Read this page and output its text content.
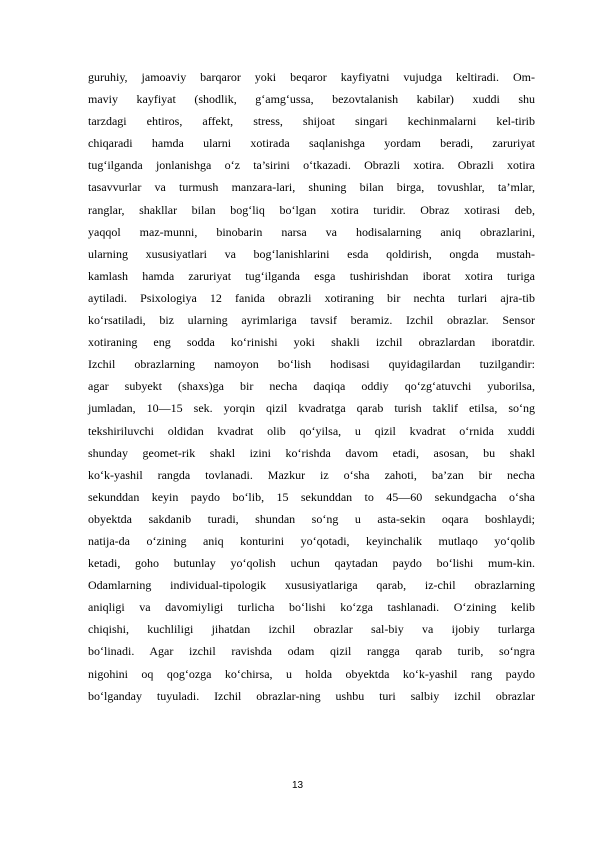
guruhiy, jamoaviy barqaror yoki beqaror kayfiyatni vujudga keltiradi. Om-
maviy kayfiyat (shodlik, g‘amg‘ussa, bezovtalanish kabilar) xuddi shu
tarzdagi ehtiros, affekt, stress, shijoat singari kechinmalarni kel-tirib
chiqaradi hamda ularni xotirada saqlanishga yordam beradi, zaruriyat
tug‘ilganda jonlanishga o‘z ta’sirini o‘tkazadi. Obrazli xotira. Obrazli xotira
tasavvurlar va turmush manzara-lari, shuning bilan birga, tovushlar, ta’mlar,
ranglar, shakllar bilan bog‘liq bo‘lgan xotira turidir. Obraz xotirasi deb,
yaqqol maz-munni, binobarin narsa va hodisalarning aniq obrazlarini,
ularning xususiyatlari va bog‘lanishlarini esda qoldirish, ongda mustah-
kamlash hamda zaruriyat tug‘ilganda esga tushirishdan iborat xotira turiga
aytiladi. Psixologiya 12 fanida obrazli xotiraning bir nechta turlari ajra-tib
ko‘rsatiladi, biz ularning ayrimlariga tavsif beramiz. Izchil obrazlar. Sensor
xotiraning eng sodda ko‘rinishi yoki shakli izchil obrazlardan iboratdir.
Izchil obrazlarning namoyon bo‘lish hodisasi quyidagilardan tuzilgandir:
agar subyekt (shaxs)ga bir necha daqiqa oddiy qo‘zg‘atuvchi yuborilsa,
jumladan, 10—15 sek. yorqin qizil kvadratga qarab turish taklif etilsa, so‘ng
tekshiriluvchi oldidan kvadrat olib qo‘yilsa, u qizil kvadrat o‘rnida xuddi
shunday geomet-rik shakl izini ko‘rishda davom etadi, asosan, bu shakl
ko‘k-yashil rangda tovlanadi. Mazkur iz o‘sha zahoti, ba’zan bir necha
sekunddan keyin paydo bo‘lib, 15 sekunddan to 45—60 sekundgacha o‘sha
obyektda sakdanib turadi, shundan so‘ng u asta-sekin oqara boshlaydi;
natija-da o‘zining aniq konturini yo‘qotadi, keyinchalik mutlaqo yo‘qolib
ketadi, goho butunlay yo‘qolish uchun qaytadan paydo bo‘lishi mum-kin.
Odamlarning individual-tipologik xususiyatlariga qarab, iz-chil obrazlarning
aniqligi va davomiyligi turlicha bo‘lishi ko‘zga tashlanadi. O‘zining kelib
chiqishi, kuchliligi jihatdan izchil obrazlar sal-biy va ijobiy turlarga
bo‘linadi. Agar izchil ravishda odam qizil rangga qarab turib, so‘ngra
nigohini oq qog‘ozga ko‘chirsa, u holda obyektda ko‘k-yashil rang paydo
bo‘lganday tuyuladi. Izchil obrazlar-ning ushbu turi salbiy izchil obrazlar
13
